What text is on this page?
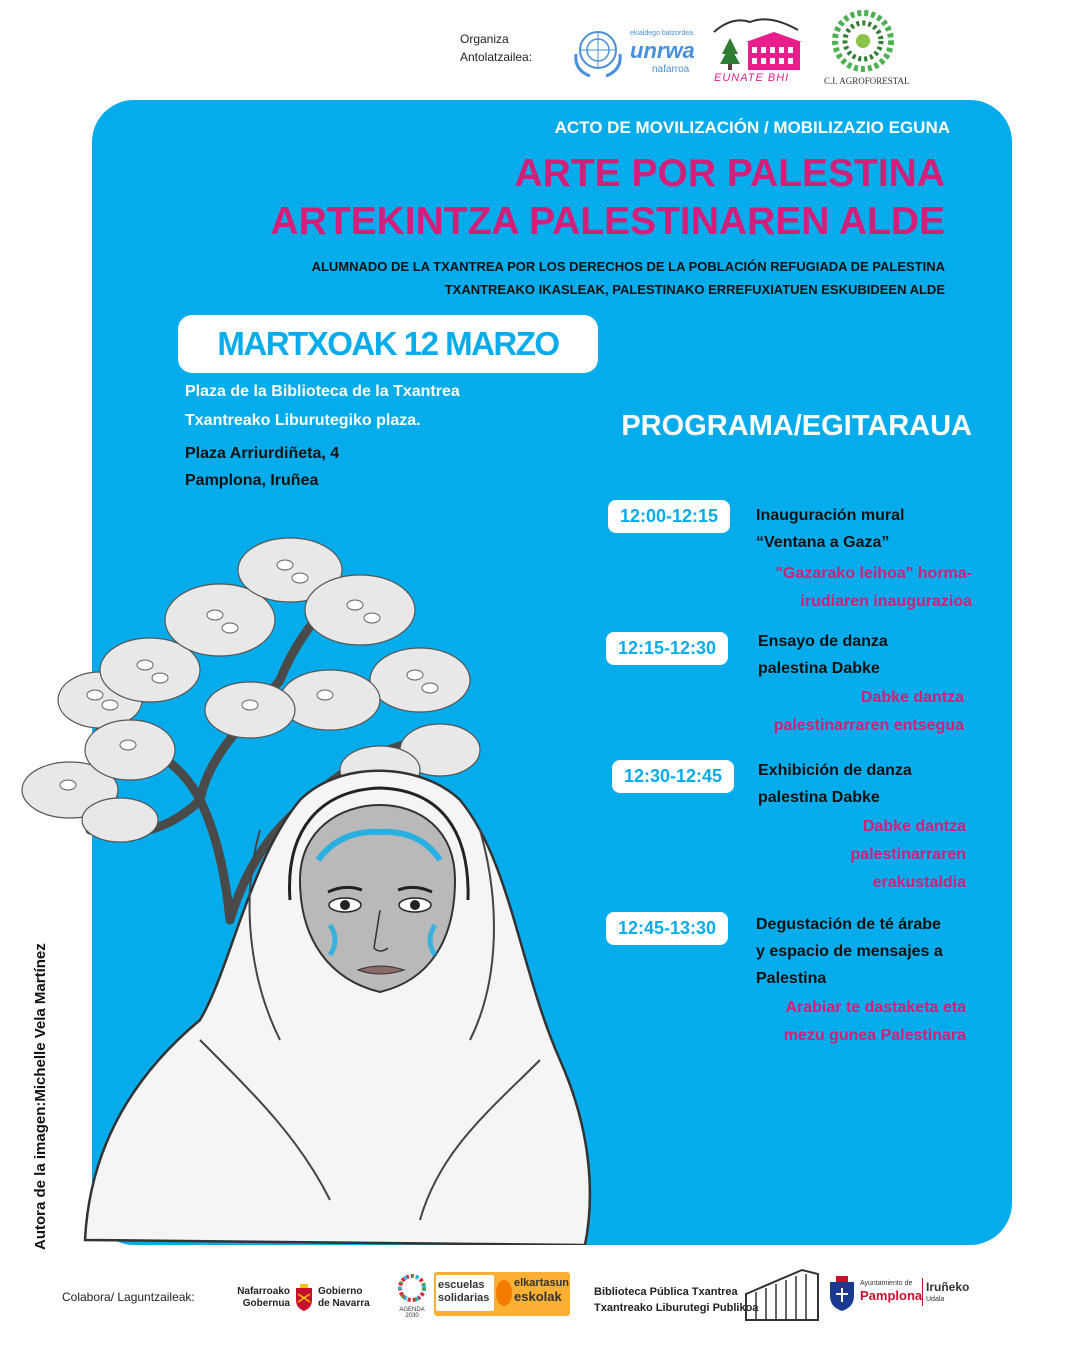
Organiza
Antolatzailea:
ekialdego batzordea
unrwa
nafarroa
EUNATE BHI	C.I. AGROFORESTAL
ACTO DE MOVILIZACIÓN / MOBILIZAZIO EGUNA
ARTE POR PALESTINA
ARTEKINTZA PALESTINAREN ALDE
ALUMNADO DE LA TXANTREA POR LOS DERECHOS DE LA POBLACIÓN REFUGIADA DE PALESTINA
TXANTREAKO IKASLEAK, PALESTINAKO ERREFUXIATUEN ESKUBIDEEN ALDE
MARTXOAK 12 MARZO
Plaza de la Biblioteca de la Txantrea
Txantreako Liburutegiko plaza.
Plaza Arriurdiñeta, 4
Pamplona, Iruñea
PROGRAMA/EGITARAUA
12:00-12:15	Inauguración mural
“Ventana a Gaza”
"Gazarako leihoa" horma-
irudiaren inaugurazioa
12:15-12:30	Ensayo de danza
palestina Dabke
Dabke dantza
palestinarraren entsegua
12:30-12:45	Exhibición de danza
palestina Dabke
Dabke dantza
palestinarraren
erakustaldia
12:45-13:30	Degustación de té árabe
y espacio de mensajes a
Palestina
Arabiar te dastaketa eta
mezu gunea Palestinara
Autora de la imagen:Michelle Vela Martínez
Colabora/ Laguntzaileak:	Nafarroako
Gobernua
Gobierno
de Navarra
AGENDA 2030
escuelas
solidarias
elkartasun
eskolak	Biblioteca Pública Txantrea
Txantreako Liburutegi Publikoa
Ayuntamiento de
Pamplona
Iruñeko
Udala
